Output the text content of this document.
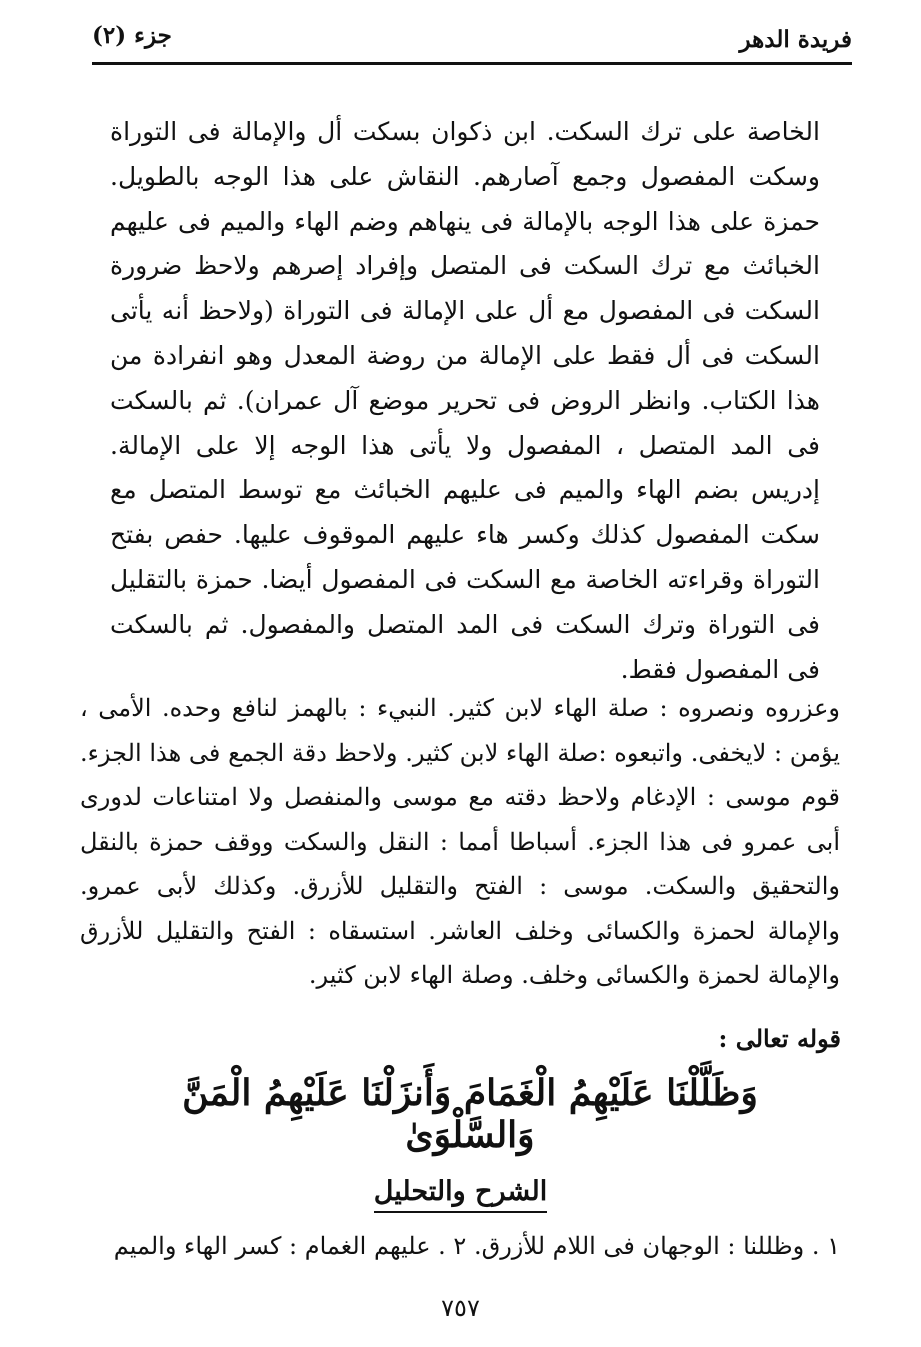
فريدة الدهر
جزء (٢)
الخاصة على ترك السكت. ابن ذكوان بسكت أل والإمالة فى التوراة وسكت المفصول وجمع آصارهم. النقاش على هذا الوجه بالطويل. حمزة على هذا الوجه بالإمالة فى ينهاهم وضم الهاء والميم فى عليهم الخبائث مع ترك السكت فى المتصل وإفراد إصرهم ولاحظ ضرورة السكت فى المفصول مع أل على الإمالة فى التوراة (ولاحظ أنه يأتى السكت فى أل فقط على الإمالة من روضة المعدل وهو انفرادة من هذا الكتاب. وانظر الروض فى تحرير موضع آل عمران). ثم بالسكت فى المد المتصل ، المفصول ولا يأتى هذا الوجه إلا على الإمالة. إدريس بضم الهاء والميم فى عليهم الخبائث مع توسط المتصل مع سكت المفصول كذلك وكسر هاء عليهم الموقوف عليها. حفص بفتح التوراة وقراءته الخاصة مع السكت فى المفصول أيضا. حمزة بالتقليل فى التوراة وترك السكت فى المد المتصل والمفصول. ثم بالسكت فى المفصول فقط.
وعزروه ونصروه : صلة الهاء لابن كثير. النبيء : بالهمز لنافع وحده. الأمى ، يؤمن : لايخفى. واتبعوه :صلة الهاء لابن كثير. ولاحظ دقة الجمع فى هذا الجزء. قوم موسى : الإدغام ولاحظ دقته مع موسى والمنفصل ولا امتناعات لدورى أبى عمرو فى هذا الجزء. أسباطا أمما : النقل والسكت ووقف حمزة بالنقل والتحقيق والسكت. موسى : الفتح والتقليل للأزرق. وكذلك لأبى عمرو. والإمالة لحمزة والكسائى وخلف العاشر. استسقاه : الفتح والتقليل للأزرق والإمالة لحمزة والكسائى وخلف. وصلة الهاء لابن كثير.
قوله تعالى :
وَظَلَّلْنَا عَلَيْهِمُ الْغَمَامَ وَأَنزَلْنَا عَلَيْهِمُ الْمَنَّ وَالسَّلْوَىٰ
الشرح والتحليل
١ . وظللنا : الوجهان فى اللام للأزرق. ٢ . عليهم الغمام : كسر الهاء والميم
٧٥٧
